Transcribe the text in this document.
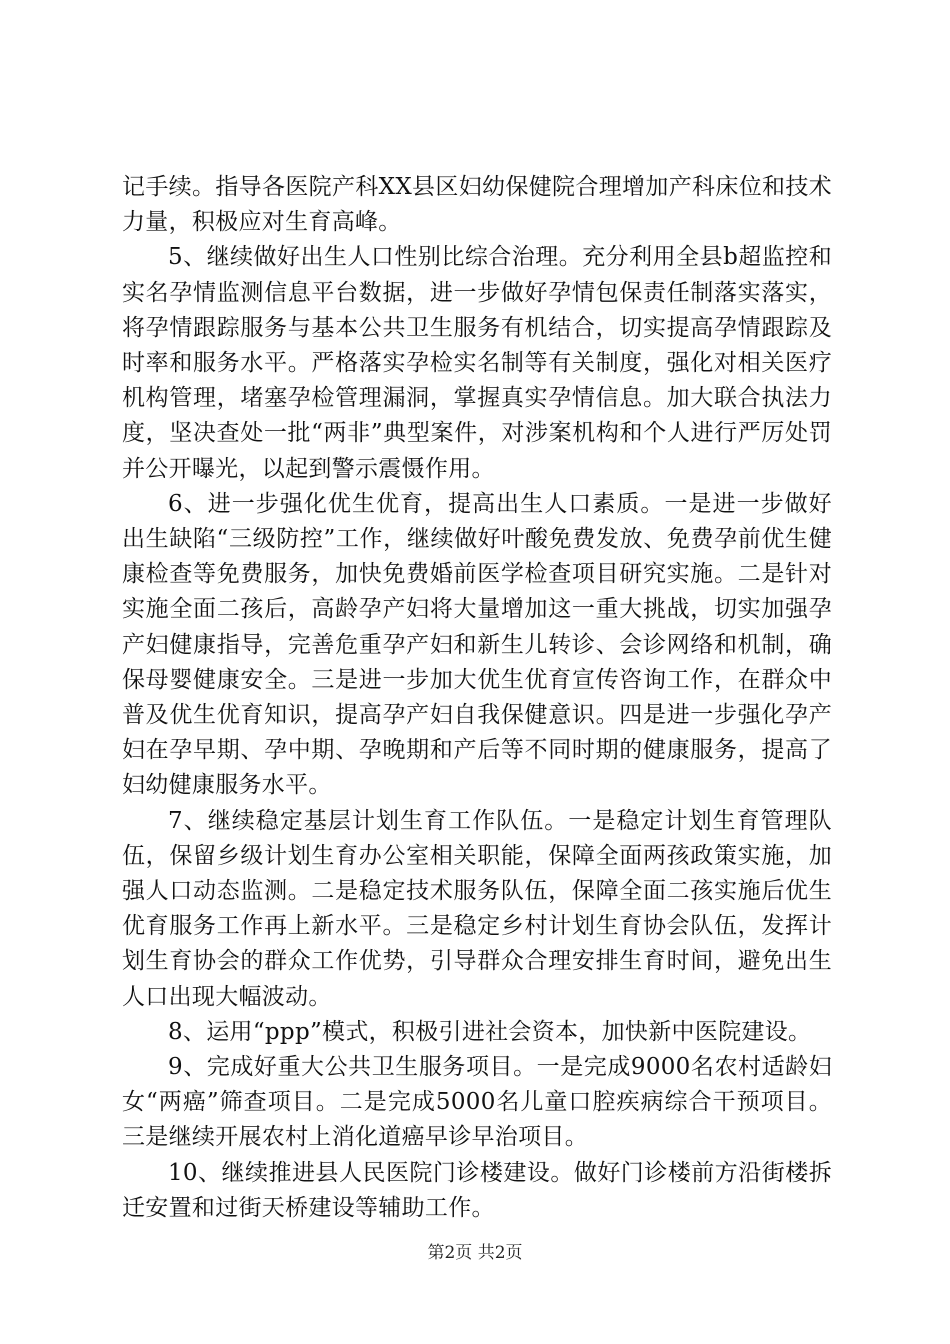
记手续。指导各医院产科XX县区妇幼保健院合理增加产科床位和技术力量，积极应对生育高峰。

5、继续做好出生人口性别比综合治理。充分利用全县b超监控和实名孕情监测信息平台数据，进一步做好孕情包保责任制落实落实，将孕情跟踪服务与基本公共卫生服务有机结合，切实提高孕情跟踪及时率和服务水平。严格落实孕检实名制等有关制度，强化对相关医疗机构管理，堵塞孕检管理漏洞，掌握真实孕情信息。加大联合执法力度，坚决查处一批“两非”典型案件，对涉案机构和个人进行严厉处罚并公开曝光，以起到警示震慑作用。

6、进一步强化优生优育，提高出生人口素质。一是进一步做好出生缺陷“三级防控”工作，继续做好叶酸免费发放、免费孕前优生健康检查等免费服务，加快免费婚前医学检查项目研究实施。二是针对实施全面二孩后，高龄孕产妇将大量增加这一重大挑战，切实加强孕产妇健康指导，完善危重孕产妇和新生儿转诊、会诊网络和机制，确保母婴健康安全。三是进一步加大优生优育宣传咨询工作，在群众中普及优生优育知识，提高孕产妇自我保健意识。四是进一步强化孕产妇在孕早期、孕中期、孕晚期和产后等不同时期的健康服务，提高了妇幼健康服务水平。

7、继续稳定基层计划生育工作队伍。一是稳定计划生育管理队伍，保留乡级计划生育办公室相关职能，保障全面两孩政策实施，加强人口动态监测。二是稳定技术服务队伍，保障全面二孩实施后优生优育服务工作再上新水平。三是稳定乡村计划生育协会队伍，发挥计划生育协会的群众工作优势，引导群众合理安排生育时间，避免出生人口出现大幅波动。

8、运用“ppp”模式，积极引进社会资本，加快新中医院建设。

9、完成好重大公共卫生服务项目。一是完成9000名农村适龄妇女“两癌”筛查项目。二是完成5000名儿童口腔疾病综合干预项目。三是继续开展农村上消化道癌早诊早治项目。

10、继续推进县人民医院门诊楼建设。做好门诊楼前方沿街楼拆迁安置和过街天桥建设等辅助工作。

第2页 共2页
